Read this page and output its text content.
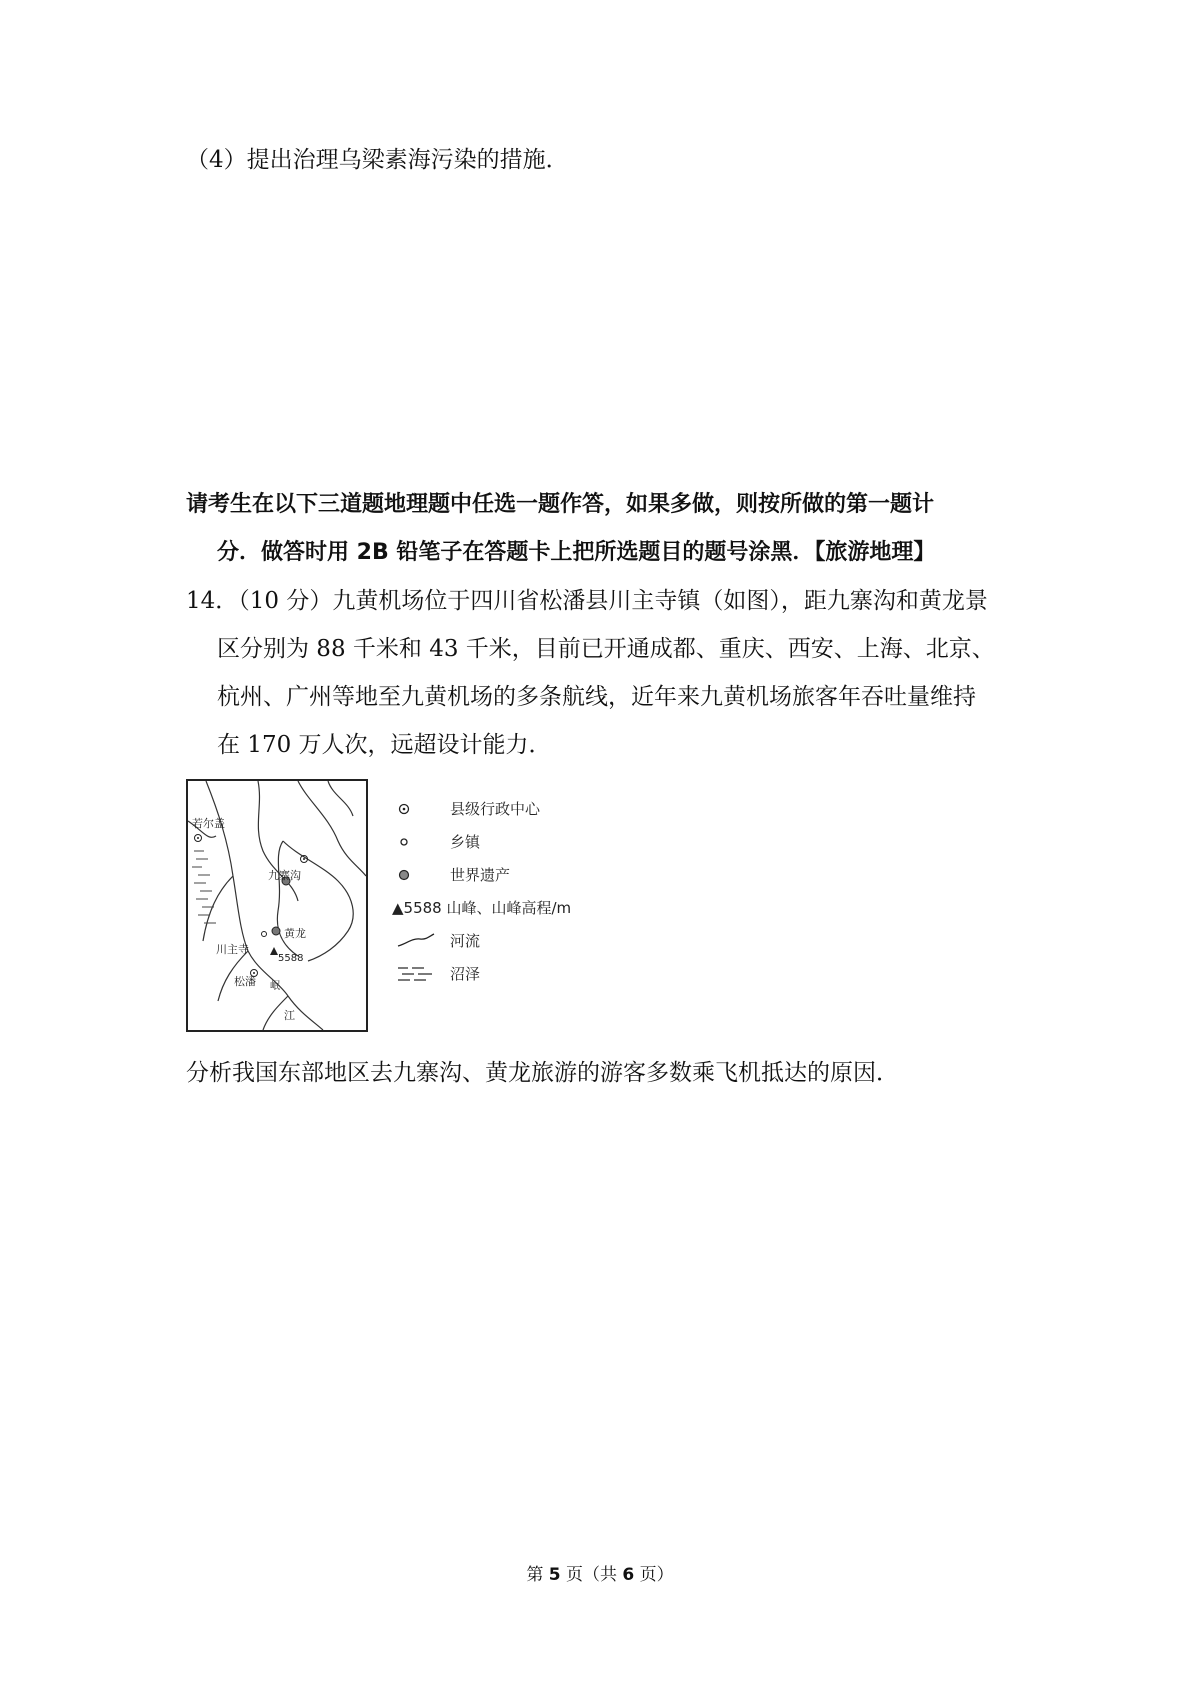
（4）提出治理乌梁素海污染的措施．
请考生在以下三道题地理题中任选一题作答，如果多做，则按所做的第一题计
分．做答时用 2B 铅笔子在答题卡上把所选题目的题号涂黑．【旅游地理】
14．（10 分）九黄机场位于四川省松潘县川主寺镇（如图），距九寨沟和黄龙景
区分别为 88 千米和 43 千米，目前已开通成都、重庆、西安、上海、北京、
杭州、广州等地至九黄机场的多条航线，近年来九黄机场旅客年吞吐量维持
在 170 万人次，远超设计能力．
若尔盖
九寨沟
黄龙
川主寺
5588
松潘 岷
江
县级行政中心
乡镇
世界遗产
▲5588 山峰、山峰高程/m
河流
沼泽
分析我国东部地区去九寨沟、黄龙旅游的游客多数乘飞机抵达的原因．
第 5 页（共 6 页）
